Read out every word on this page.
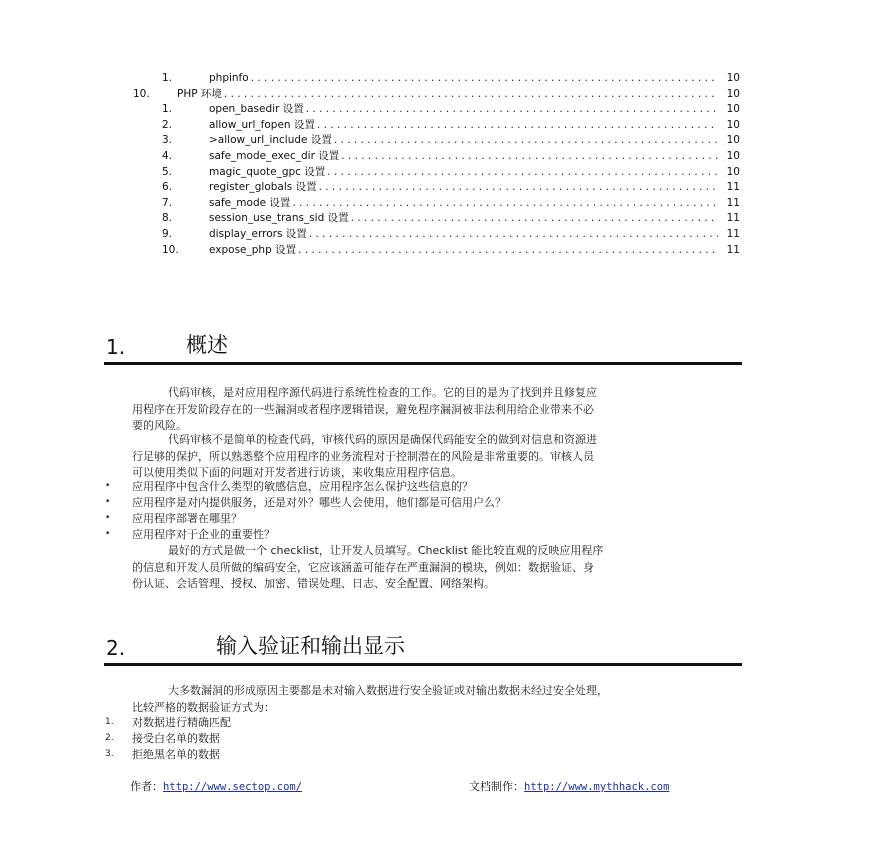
1.	phpinfo . . .	10
10.	PHP 环境 . . .	10
1.	open_basedir 设置 . . .	10
2.	allow_url_fopen 设置 . . .	10
3.	>allow_url_include 设置 . . .	10
4.	safe_mode_exec_dir 设置 . . .	10
5.	magic_quote_gpc 设置 . . .	10
6.	register_globals 设置 . . .	11
7.	safe_mode 设置 . . .	11
8.	session_use_trans_sid 设置 . . .	11
9.	display_errors 设置 . . .	11
10.	expose_php 设置 . . .	11
1.	概述

代码审核，是对应用程序源代码进行系统性检查的工作。它的目的是为了找到并且修复应

用程序在开发阶段存在的一些漏洞或者程序逻辑错误，避免程序漏洞被非法利用给企业带来不必

要的风险。

代码审核不是简单的检查代码，审核代码的原因是确保代码能安全的做到对信息和资源进

行足够的保护，所以熟悉整个应用程序的业务流程对于控制潜在的风险是非常重要的。审核人员

可以使用类似下面的问题对开发者进行访谈，来收集应用程序信息。

• 应用程序中包含什么类型的敏感信息，应用程序怎么保护这些信息的？
• 应用程序是对内提供服务，还是对外？哪些人会使用，他们都是可信用户么？
• 应用程序部署在哪里？
• 应用程序对于企业的重要性？

最好的方式是做一个 checklist，让开发人员填写。Checklist 能比较直观的反映应用程序

的信息和开发人员所做的编码安全，它应该涵盖可能存在严重漏洞的模块，例如：数据验证、身

份认证、会话管理、授权、加密、错误处理、日志、安全配置、网络架构。

2.	输入验证和输出显示

大多数漏洞的形成原因主要都是未对输入数据进行安全验证或对输出数据未经过安全处理，

比较严格的数据验证方式为：

1. 对数据进行精确匹配
2. 接受白名单的数据
3. 拒绝黑名单的数据
作者：http://www.sectop.com/	文档制作：http://www.mythhack.com
